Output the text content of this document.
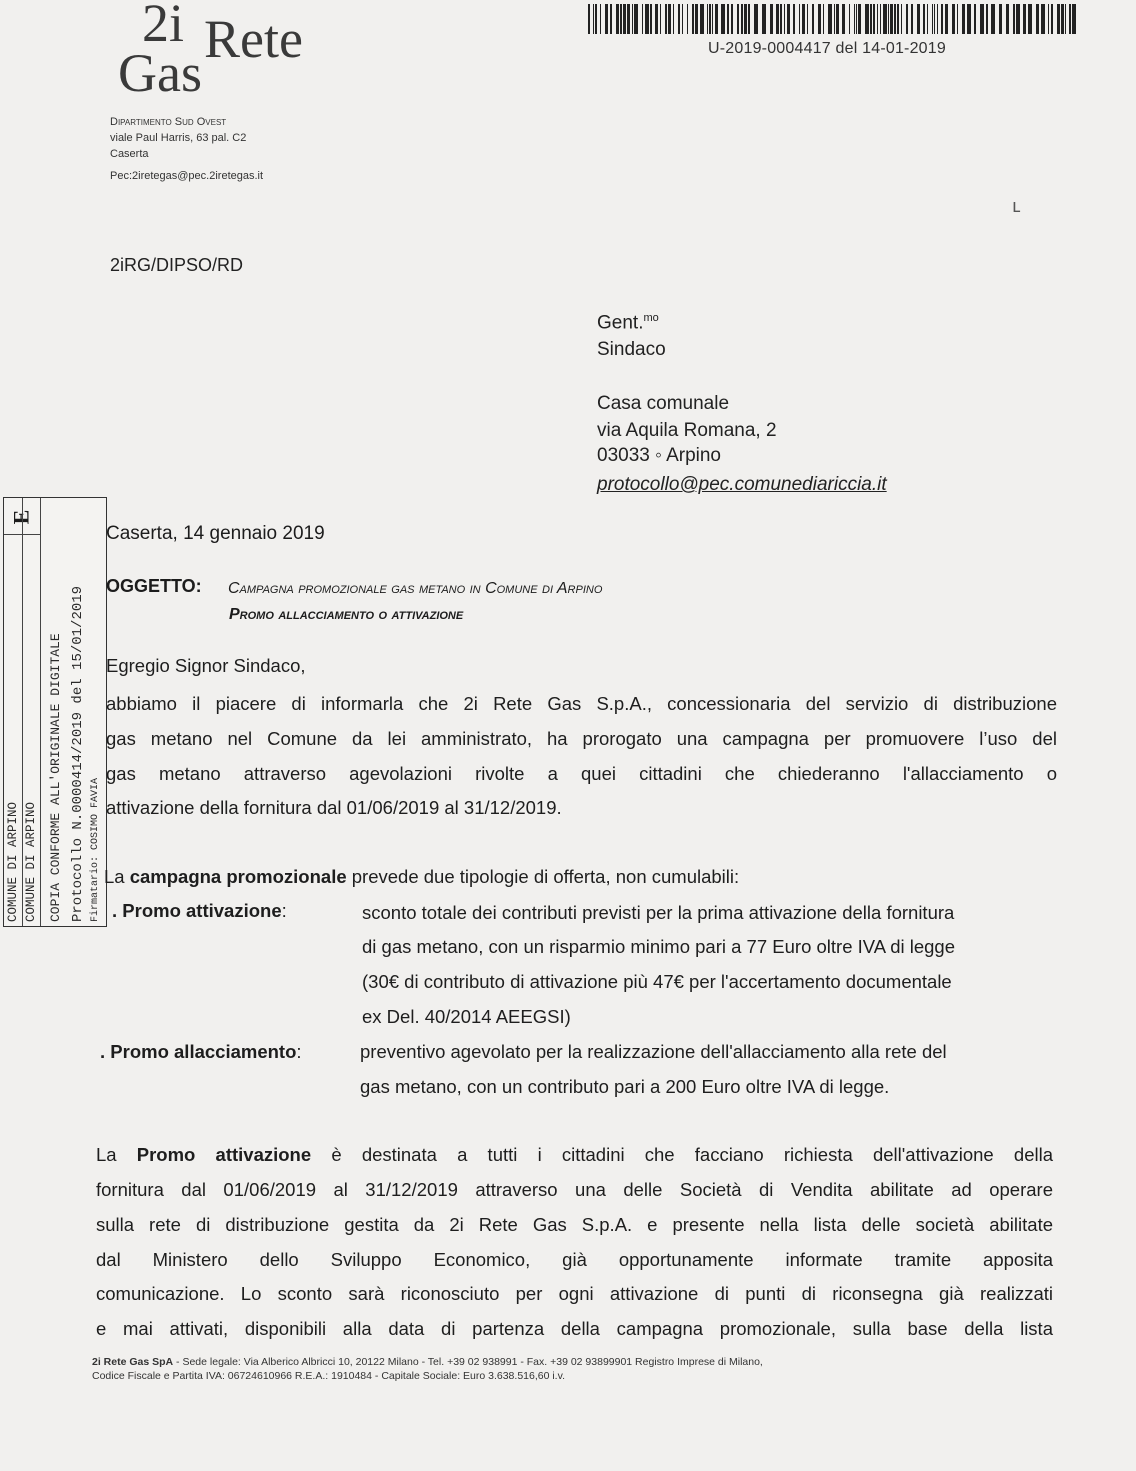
2i Rete
Gas
Dipartimento Sud Ovest
viale Paul Harris, 63 pal. C2
Caserta
Pec:2iretegas@pec.2iretegas.it
U-2019-0004417 del 14-01-2019
ւ
2iRG/DIPSO/RD
Gent.$^{mo}$
Sindaco
Casa comunale
via Aquila Romana, 2
03033 ◦ Arpino
protocollo@pec.comunediariccia.it
E
COMUNE DI ARPINO COMUNE DI ARPINO COPIA CONFORME ALL'ORIGINALE DIGITALE Protocollo N.0000414/2019 del 15/01/2019 Firmatario: COSIMO FAVIA
Caserta, 14 gennaio 2019
OGGETTO: Campagna promozionale gas metano in Comune di Arpino
Promo allacciamento o attivazione
Egregio Signor Sindaco,
abbiamo il piacere di informarla che 2i Rete Gas S.p.A., concessionaria del servizio di distribuzione
gas metano nel Comune da lei amministrato, ha prorogato una campagna per promuovere l’uso del
gas metano attraverso agevolazioni rivolte a quei cittadini che chiederanno l'allacciamento o
attivazione della fornitura dal 01/06/2019 al 31/12/2019.
La campagna promozionale prevede due tipologie di offerta, non cumulabili:
. Promo attivazione:	sconto totale dei contributi previsti per la prima attivazione della fornitura
di gas metano, con un risparmio minimo pari a 77 Euro oltre IVA di legge
(30€ di contributo di attivazione più 47€ per l'accertamento documentale
ex Del. 40/2014 AEEGSI)
. Promo allacciamento:	preventivo agevolato per la realizzazione dell'allacciamento alla rete del
gas metano, con un contributo pari a 200 Euro oltre IVA di legge.
La Promo attivazione è destinata a tutti i cittadini che facciano richiesta dell'attivazione della
fornitura dal 01/06/2019 al 31/12/2019 attraverso una delle Società di Vendita abilitate ad operare
sulla rete di distribuzione gestita da 2i Rete Gas S.p.A. e presente nella lista delle società abilitate
dal Ministero dello Sviluppo Economico, già opportunamente informate tramite apposita
comunicazione. Lo sconto sarà riconosciuto per ogni attivazione di punti di riconsegna già realizzati
e mai attivati, disponibili alla data di partenza della campagna promozionale, sulla base della lista
2i Rete Gas SpA - Sede legale: Via Alberico Albricci 10, 20122 Milano - Tel. +39 02 938991 - Fax. +39 02 93899901 Registro Imprese di Milano,
Codice Fiscale e Partita IVA: 06724610966 R.E.A.: 1910484 - Capitale Sociale: Euro 3.638.516,60 i.v.
